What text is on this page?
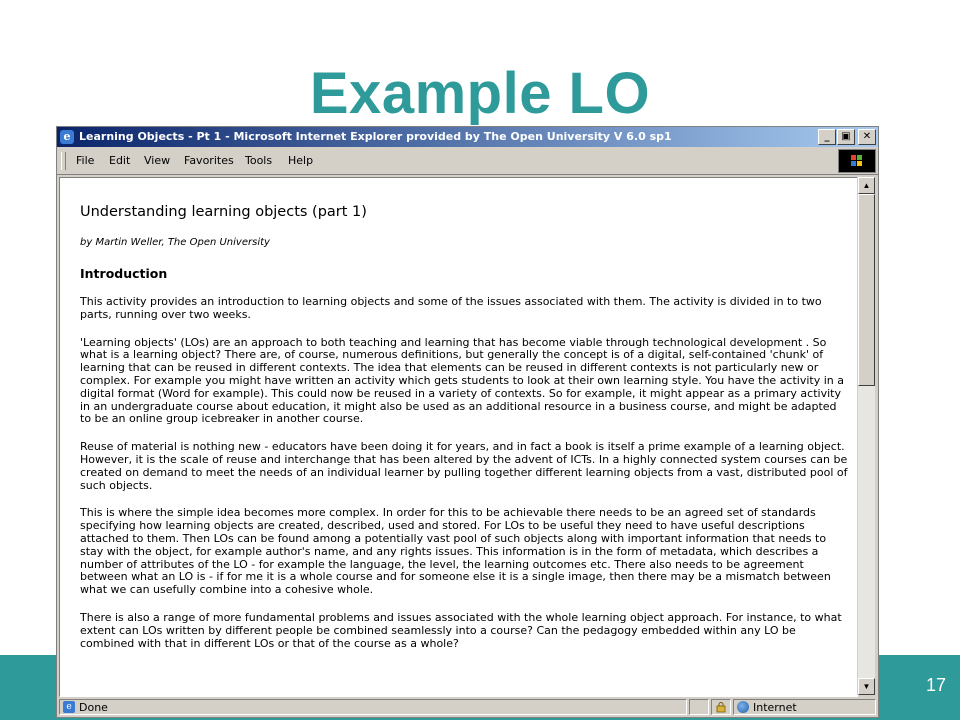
Example LO
17
e Learning Objects - Pt 1 - Microsoft Internet Explorer provided by The Open University V 6.0 sp1	_ ▣ ✕
File Edit View Favorites Tools Help
Understanding learning objects (part 1)
by Martin Weller, The Open University
Introduction
This activity provides an introduction to learning objects and some of the issues associated with them. The activity is divided in to two parts, running over two weeks.
'Learning objects' (LOs) are an approach to both teaching and learning that has become viable through technological development . So what is a learning object? There are, of course, numerous definitions, but generally the concept is of a digital, self-contained 'chunk' of learning that can be reused in different contexts. The idea that elements can be reused in different contexts is not particularly new or complex. For example you might have written an activity which gets students to look at their own learning style. You have the activity in a digital format (Word for example). This could now be reused in a variety of contexts. So for example, it might appear as a primary activity in an undergraduate course about education, it might also be used as an additional resource in a business course, and might be adapted to be an online group icebreaker in another course.
Reuse of material is nothing new - educators have been doing it for years, and in fact a book is itself a prime example of a learning object. However, it is the scale of reuse and interchange that has been altered by the advent of ICTs. In a highly connected system courses can be created on demand to meet the needs of an individual learner by pulling together different learning objects from a vast, distributed pool of such objects.
This is where the simple idea becomes more complex. In order for this to be achievable there needs to be an agreed set of standards specifying how learning objects are created, described, used and stored. For LOs to be useful they need to have useful descriptions attached to them. Then LOs can be found among a potentially vast pool of such objects along with important information that needs to stay with the object, for example author's name, and any rights issues. This information is in the form of metadata, which describes a number of attributes of the LO - for example the language, the level, the learning outcomes etc. There also needs to be agreement between what an LO is - if for me it is a whole course and for someone else it is a single image, then there may be a mismatch between what we can usefully combine into a cohesive whole.
There is also a range of more fundamental problems and issues associated with the whole learning object approach. For instance, to what extent can LOs written by different people be combined seamlessly into a course? Can the pedagogy embedded within any LO be combined with that in different LOs or that of the course as a whole?
▲
▼
e Done	Internet
